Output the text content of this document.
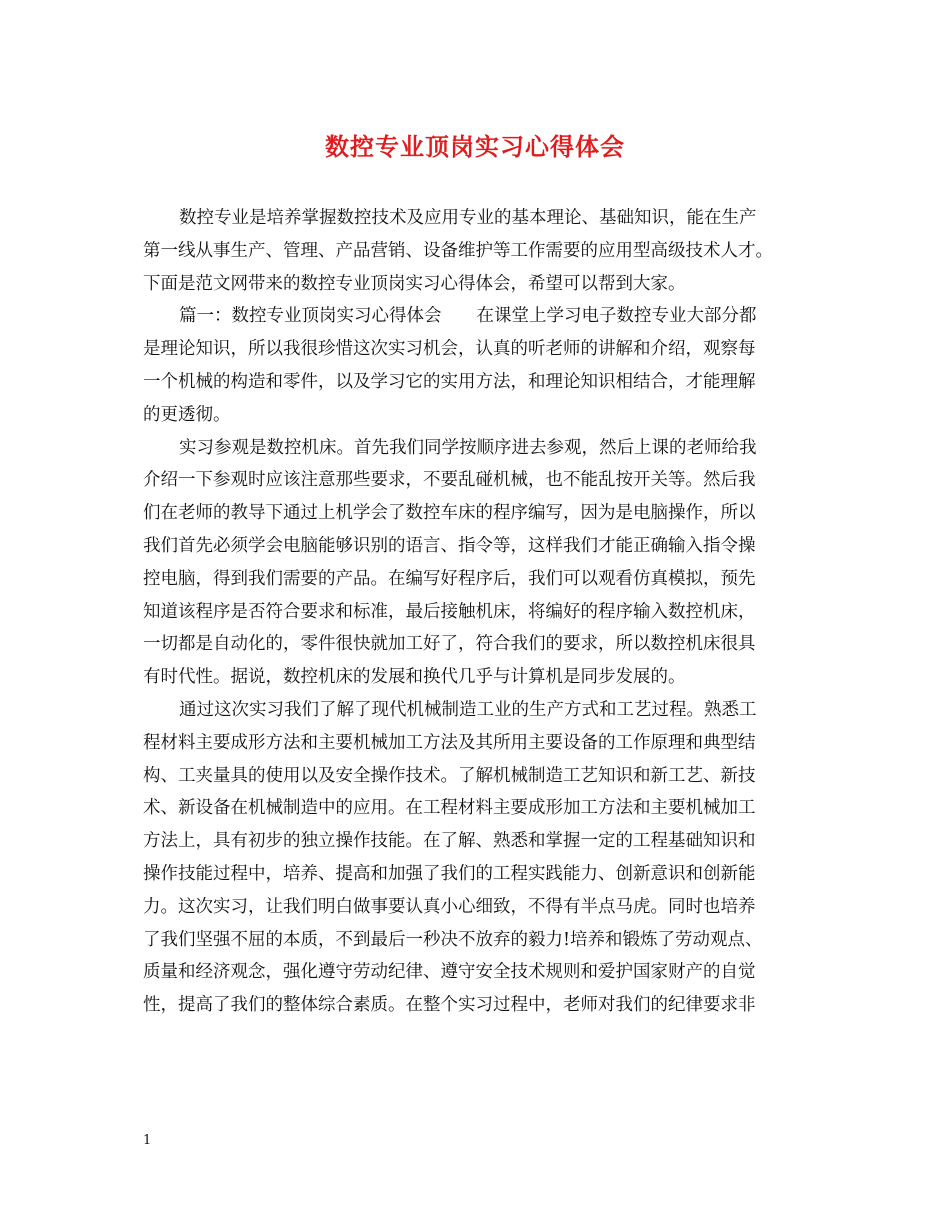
数控专业顶岗实习心得体会
数控专业是培养掌握数控技术及应用专业的基本理论、基础知识，能在生产
第一线从事生产、管理、产品营销、设备维护等工作需要的应用型高级技术人才。
下面是范文网带来的数控专业顶岗实习心得体会，希望可以帮到大家。
篇一：数控专业顶岗实习心得体会　　在课堂上学习电子数控专业大部分都
是理论知识，所以我很珍惜这次实习机会，认真的听老师的讲解和介绍，观察每
一个机械的构造和零件，以及学习它的实用方法，和理论知识相结合，才能理解
的更透彻。
实习参观是数控机床。首先我们同学按顺序进去参观，然后上课的老师给我
介绍一下参观时应该注意那些要求，不要乱碰机械，也不能乱按开关等。然后我
们在老师的教导下通过上机学会了数控车床的程序编写，因为是电脑操作，所以
我们首先必须学会电脑能够识别的语言、指令等，这样我们才能正确输入指令操
控电脑，得到我们需要的产品。在编写好程序后，我们可以观看仿真模拟，预先
知道该程序是否符合要求和标准，最后接触机床，将编好的程序输入数控机床，
一切都是自动化的，零件很快就加工好了，符合我们的要求，所以数控机床很具
有时代性。据说，数控机床的发展和换代几乎与计算机是同步发展的。
通过这次实习我们了解了现代机械制造工业的生产方式和工艺过程。熟悉工
程材料主要成形方法和主要机械加工方法及其所用主要设备的工作原理和典型结
构、工夹量具的使用以及安全操作技术。了解机械制造工艺知识和新工艺、新技
术、新设备在机械制造中的应用。在工程材料主要成形加工方法和主要机械加工
方法上，具有初步的独立操作技能。在了解、熟悉和掌握一定的工程基础知识和
操作技能过程中，培养、提高和加强了我们的工程实践能力、创新意识和创新能
力。这次实习，让我们明白做事要认真小心细致，不得有半点马虎。同时也培养
了我们坚强不屈的本质，不到最后一秒决不放弃的毅力!培养和锻炼了劳动观点、
质量和经济观念，强化遵守劳动纪律、遵守安全技术规则和爱护国家财产的自觉
性，提高了我们的整体综合素质。在整个实习过程中，老师对我们的纪律要求非
1
